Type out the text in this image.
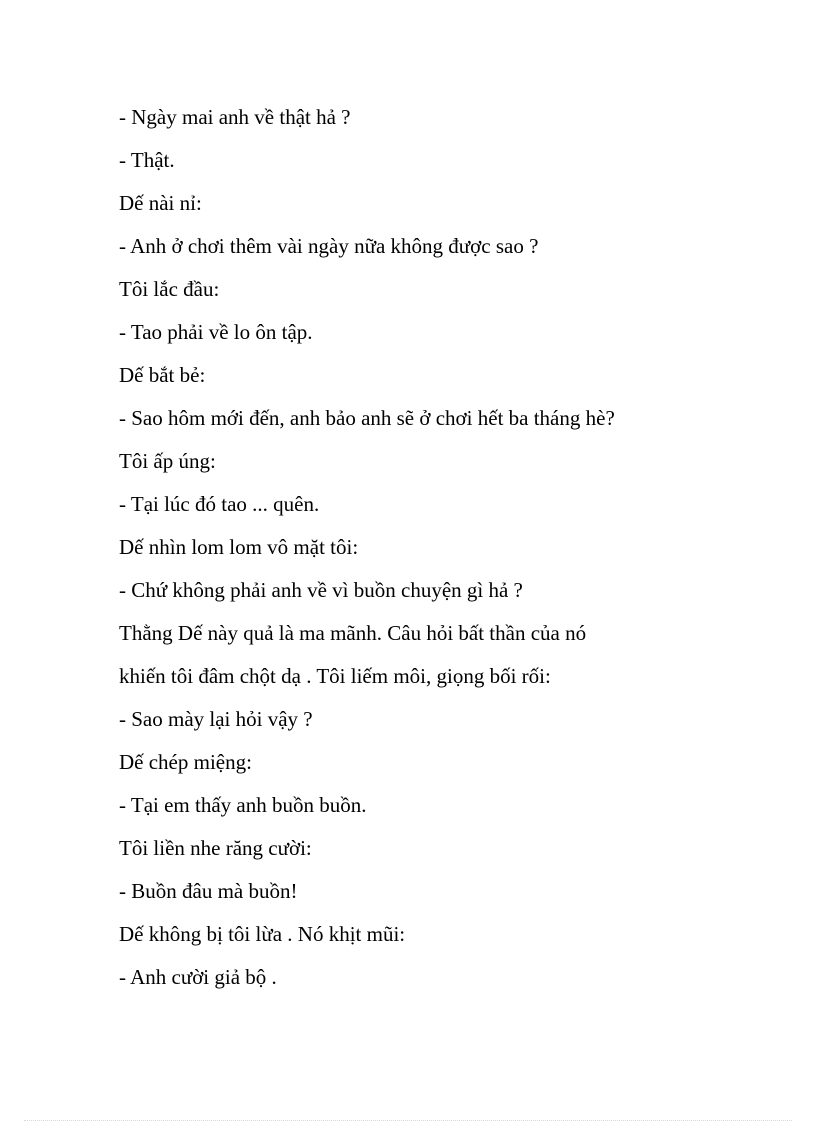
- Ngày mai anh về thật hả ?
- Thật.
Dế nài nỉ:
- Anh ở chơi thêm vài ngày nữa không được sao ?
Tôi lắc đầu:
- Tao phải về lo ôn tập.
Dế bắt bẻ:
- Sao hôm mới đến, anh bảo anh sẽ ở chơi hết ba tháng hè?
Tôi ấp úng:
- Tại lúc đó tao ... quên.
Dế nhìn lom lom vô mặt tôi:
- Chứ không phải anh về vì buồn chuyện gì hả ?
Thằng Dế này quả là ma mãnh. Câu hỏi bất thần của nó
khiến tôi đâm chột dạ . Tôi liếm môi, giọng bối rối:
- Sao mày lại hỏi vậy ?
Dế chép miệng:
- Tại em thấy anh buồn buồn.
Tôi liền nhe răng cười:
- Buồn đâu mà buồn!
Dế không bị tôi lừa . Nó khịt mũi:
- Anh cười giả bộ .
